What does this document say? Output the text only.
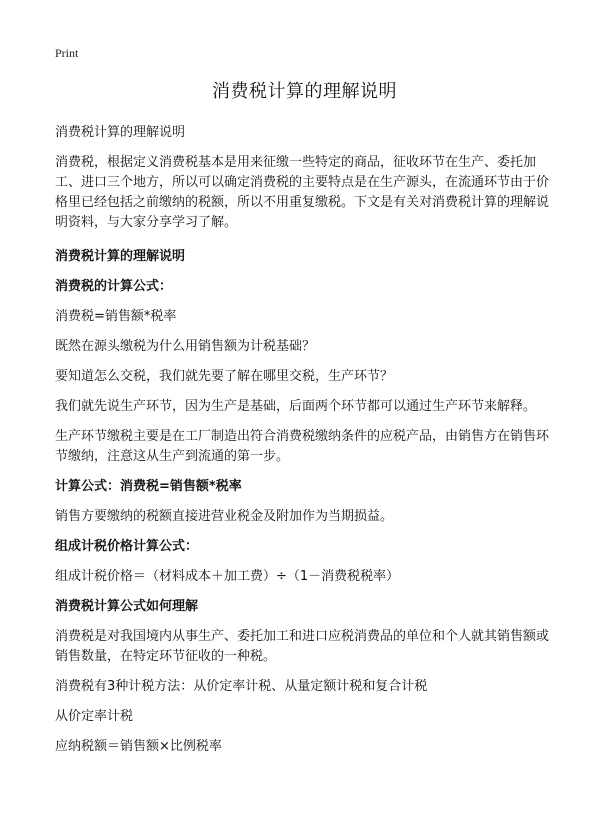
Print
消费税计算的理解说明

消费税计算的理解说明

消费税，根据定义消费税基本是用来征缴一些特定的商品，征收环节在生产、委托加工、进口三个地方，所以可以确定消费税的主要特点是在生产源头，在流通环节由于价格里已经包括之前缴纳的税额，所以不用重复缴税。下文是有关对消费税计算的理解说明资料，与大家分享学习了解。

消费税计算的理解说明

消费税的计算公式：

消费税=销售额*税率

既然在源头缴税为什么用销售额为计税基础？

要知道怎么交税，我们就先要了解在哪里交税，生产环节？

我们就先说生产环节，因为生产是基础，后面两个环节都可以通过生产环节来解释。

生产环节缴税主要是在工厂制造出符合消费税缴纳条件的应税产品，由销售方在销售环节缴纳，注意这从生产到流通的第一步。

计算公式：消费税=销售额*税率

销售方要缴纳的税额直接进营业税金及附加作为当期损益。

组成计税价格计算公式：

组成计税价格＝（材料成本＋加工费）÷（1－消费税税率）

消费税计算公式如何理解

消费税是对我国境内从事生产、委托加工和进口应税消费品的单位和个人就其销售额或销售数量，在特定环节征收的一种税。

消费税有3种计税方法：从价定率计税、从量定额计税和复合计税

从价定率计税

应纳税额＝销售额×比例税率
